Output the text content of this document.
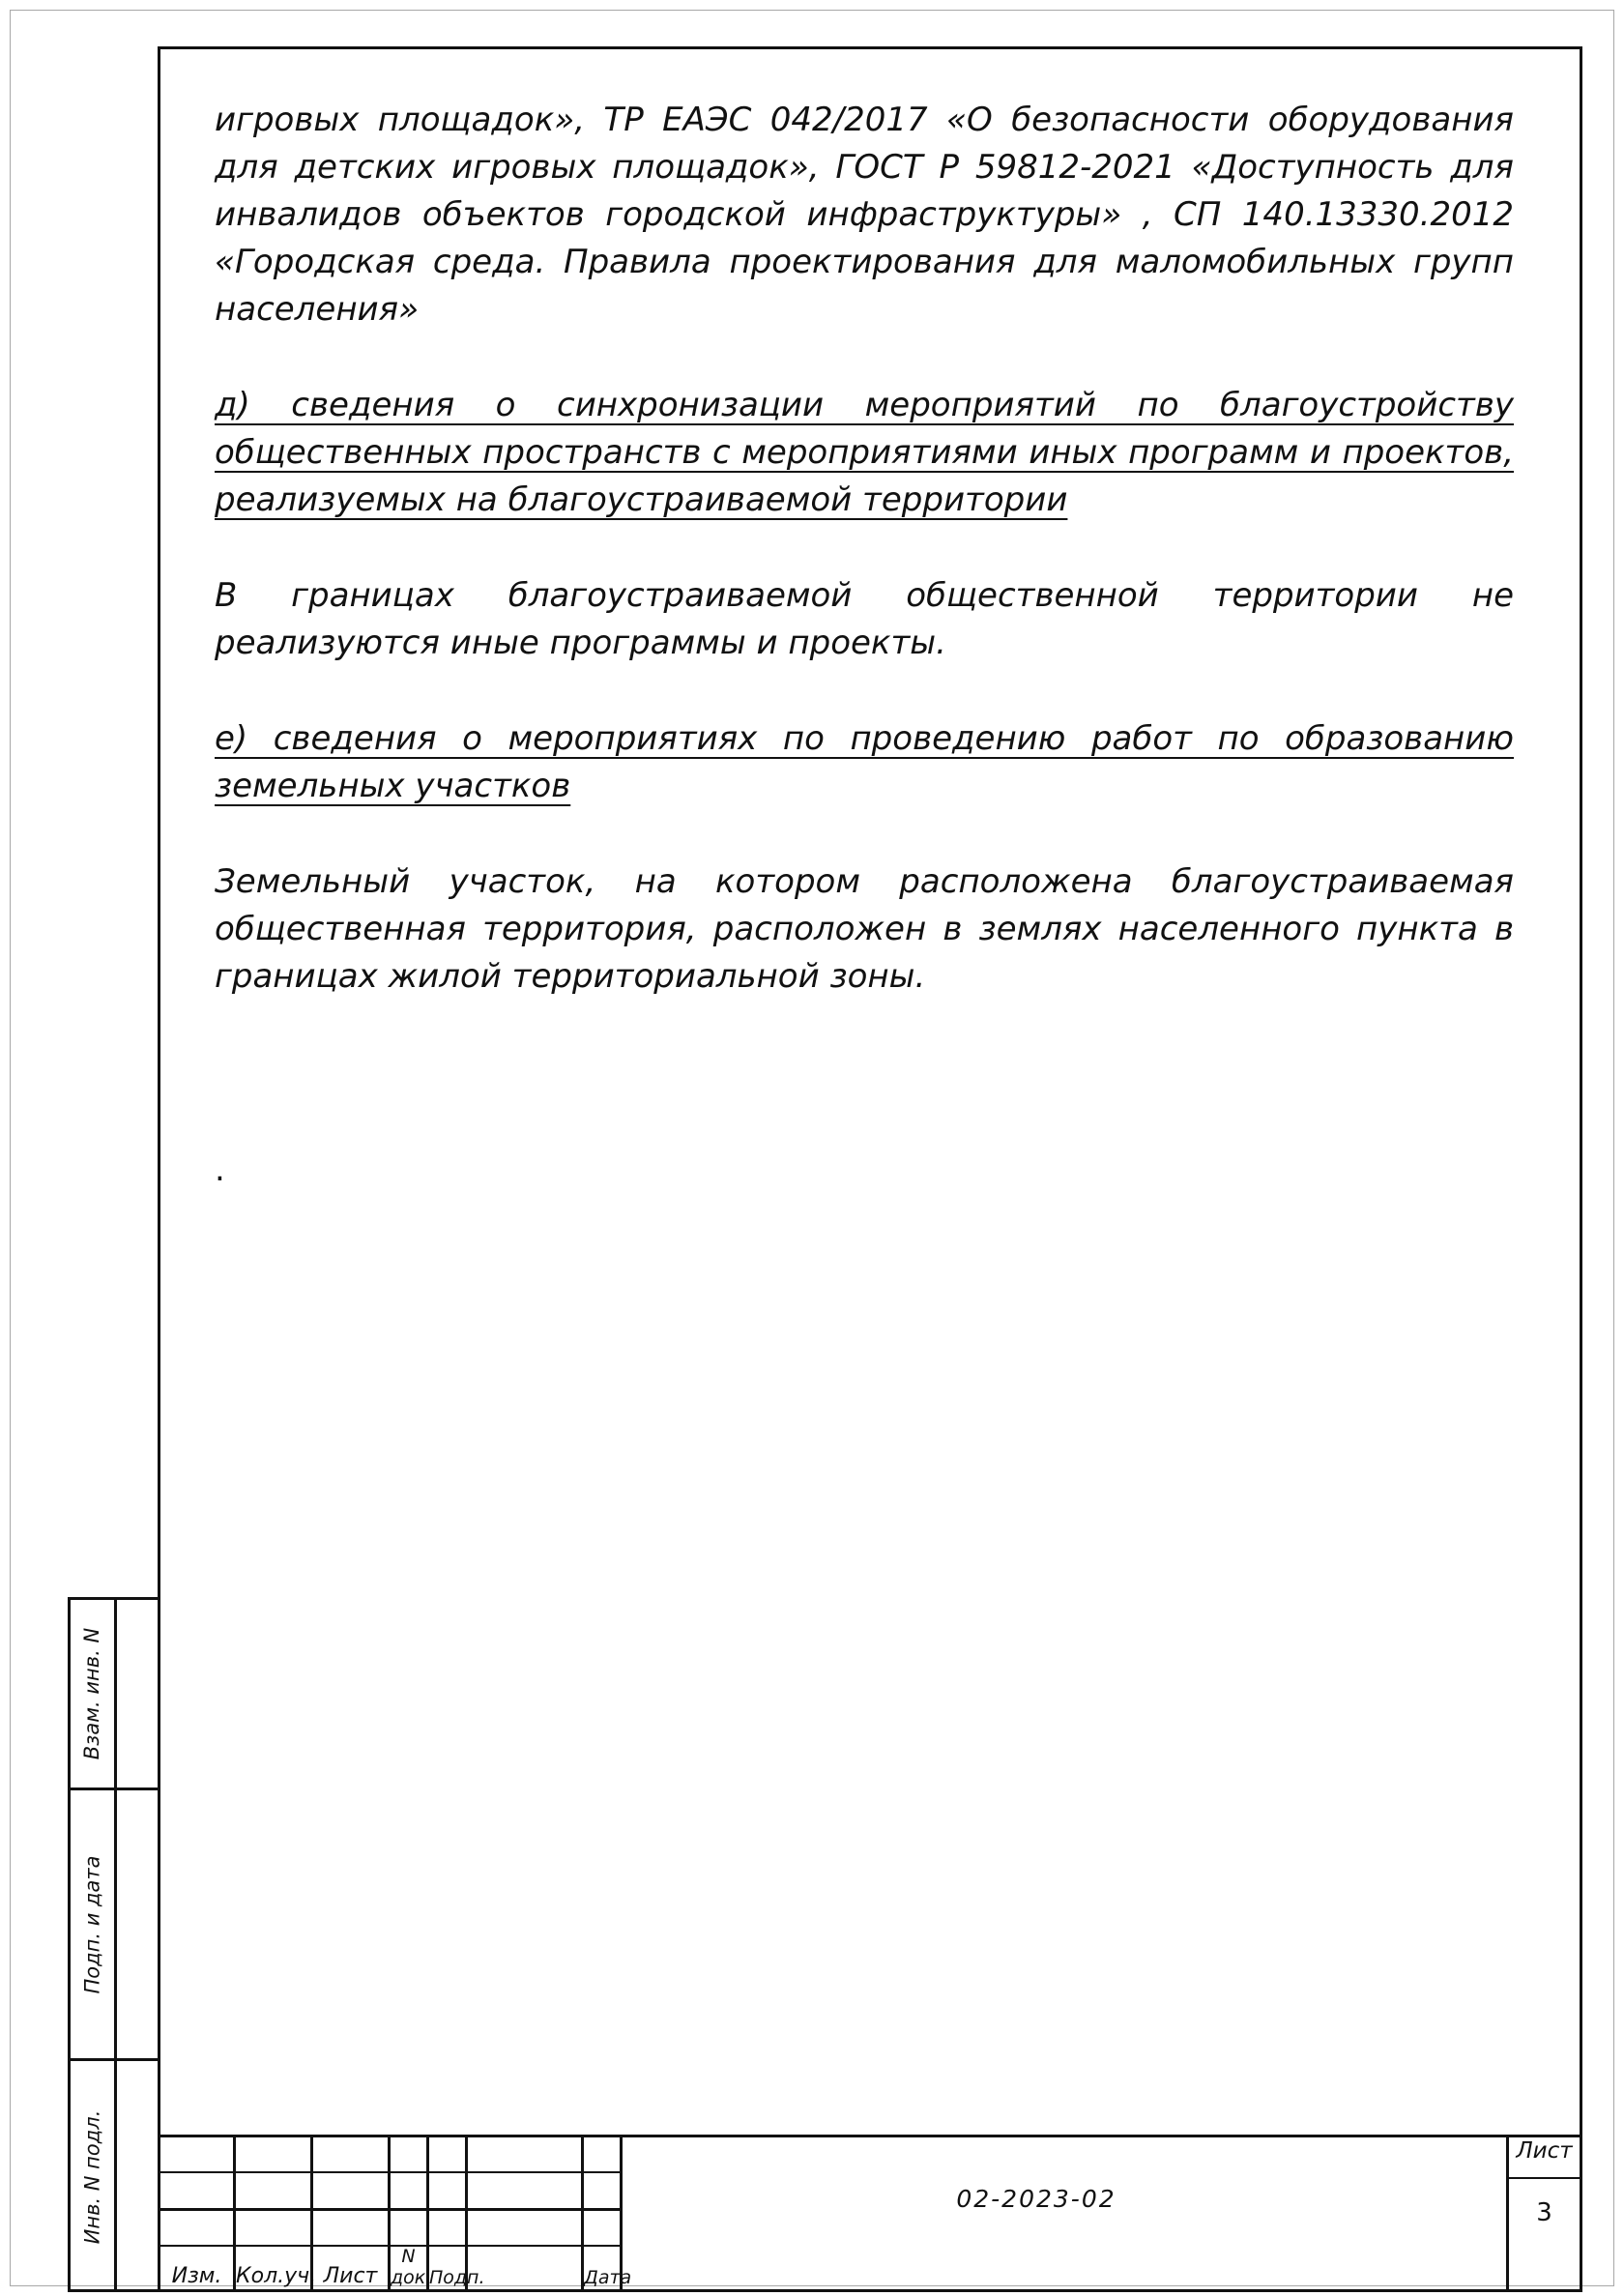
игровых площадок», ТР ЕАЭС 042/2017 «О безопасности оборудования для детских игровых площадок», ГОСТ Р 59812-2021 «Доступность для инвалидов объектов городской инфраструктуры» , СП 140.13330.2012 «Городская среда. Правила проектирования для маломобильных групп населения»

д) сведения о синхронизации мероприятий по благоустройству общественных пространств с мероприятиями иных программ и проектов, реализуемых на благоустраиваемой территории

В границах благоустраиваемой общественной территории не реализуются иные программы и проекты.

е) сведения о мероприятиях по проведению работ по образованию земельных участков

Земельный участок, на котором расположена благоустраиваемая общественная территория, расположен в землях населенного пункта в границах жилой территориальной зоны.

.
Взам. инв. N
Подп. и дата
Инв. N подл.
Изм. Кол.уч. Лист
N док.
Подп.	Дата
02-2023-02
Лист
3
